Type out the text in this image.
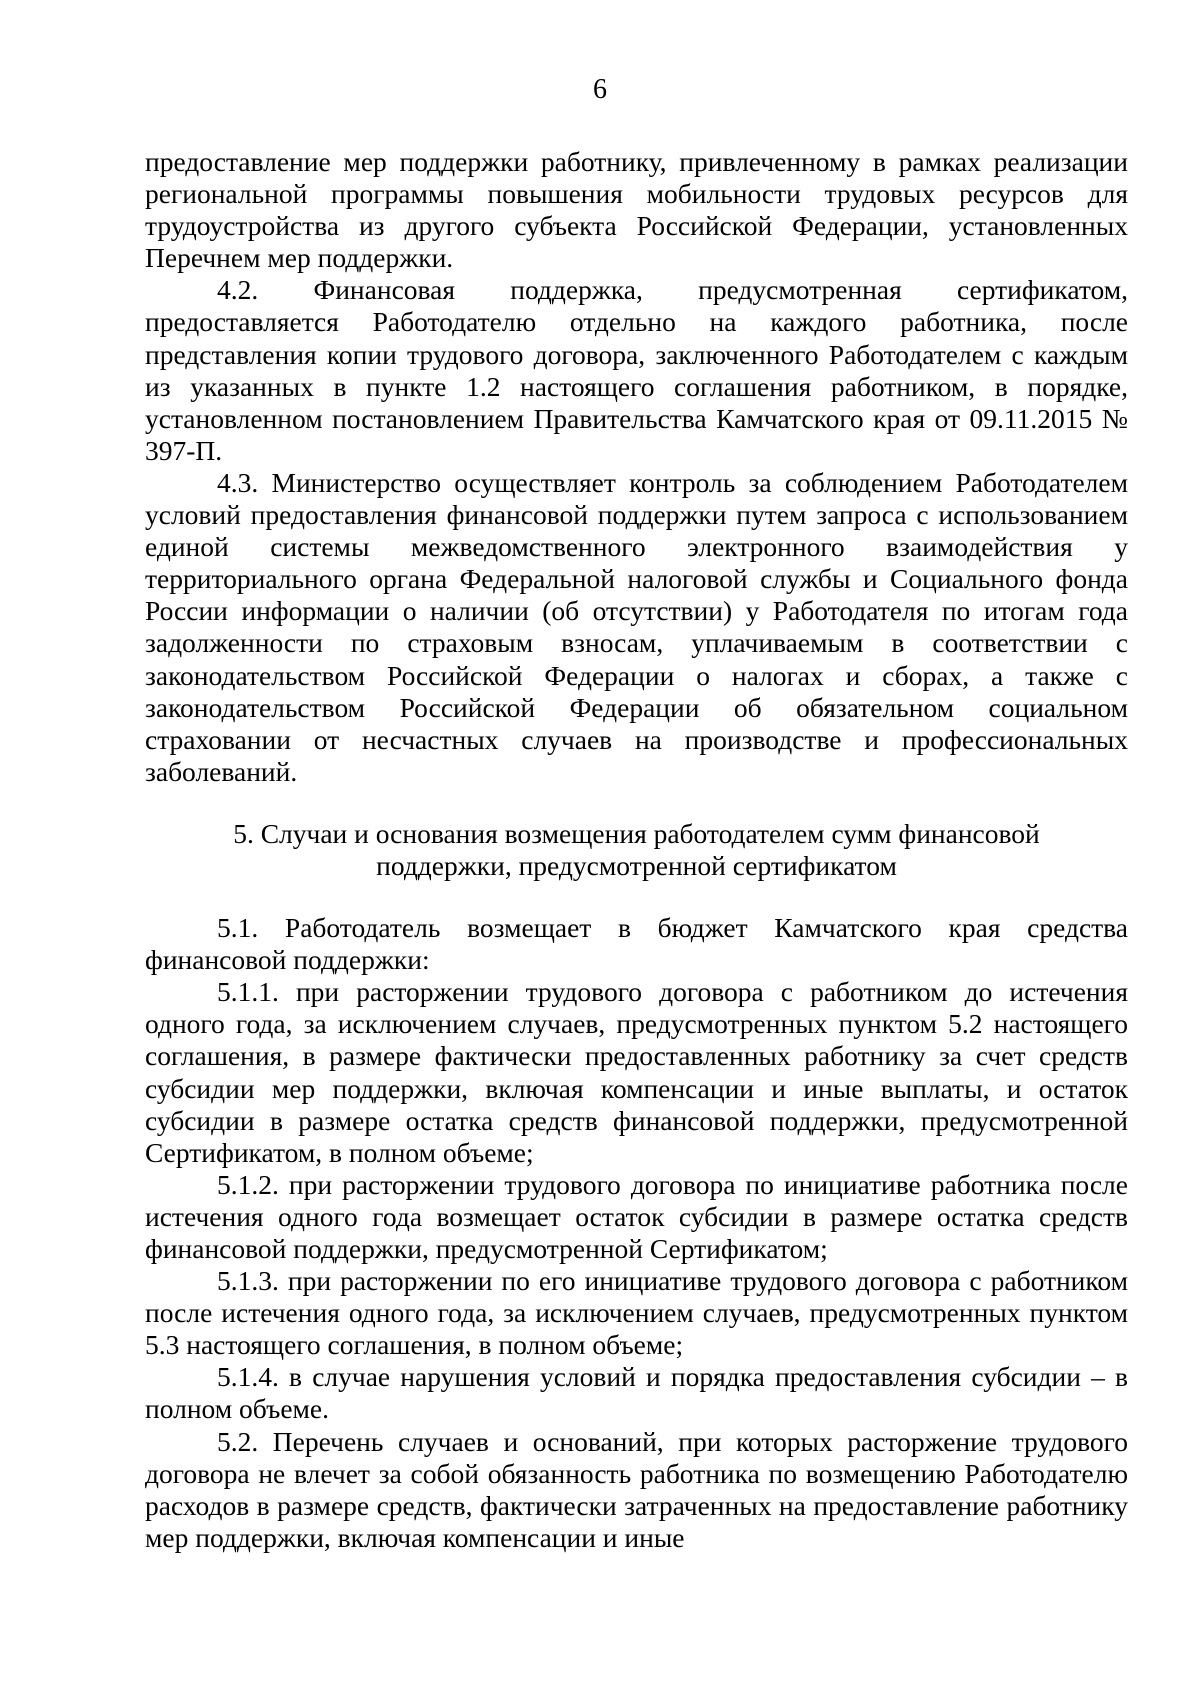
6

предоставление мер поддержки работнику, привлеченному в рамках реализации региональной программы повышения мобильности трудовых ресурсов для трудоустройства из другого субъекта Российской Федерации, установленных Перечнем мер поддержки.

4.2. Финансовая поддержка, предусмотренная сертификатом, предоставляется Работодателю отдельно на каждого работника, после представления копии трудового договора, заключенного Работодателем с каждым из указанных в пункте 1.2 настоящего соглашения работником, в порядке, установленном постановлением Правительства Камчатского края от 09.11.2015 № 397-П.

4.3. Министерство осуществляет контроль за соблюдением Работодателем условий предоставления финансовой поддержки путем запроса с использованием единой системы межведомственного электронного взаимодействия у территориального органа Федеральной налоговой службы и Социального фонда России информации о наличии (об отсутствии) у Работодателя по итогам года задолженности по страховым взносам, уплачиваемым в соответствии с законодательством Российской Федерации о налогах и сборах, а также с законодательством Российской Федерации об обязательном социальном страховании от несчастных случаев на производстве и профессиональных заболеваний.

5. Случаи и основания возмещения работодателем сумм финансовой
поддержки, предусмотренной сертификатом

5.1. Работодатель возмещает в бюджет Камчатского края средства финансовой поддержки:

5.1.1. при расторжении трудового договора с работником до истечения одного года, за исключением случаев, предусмотренных пунктом 5.2 настоящего соглашения, в размере фактически предоставленных работнику за счет средств субсидии мер поддержки, включая компенсации и иные выплаты, и остаток субсидии в размере остатка средств финансовой поддержки, предусмотренной Сертификатом, в полном объеме;

5.1.2. при расторжении трудового договора по инициативе работника после истечения одного года возмещает остаток субсидии в размере остатка средств финансовой поддержки, предусмотренной Сертификатом;

5.1.3. при расторжении по его инициативе трудового договора с работником после истечения одного года, за исключением случаев, предусмотренных пунктом 5.3 настоящего соглашения, в полном объеме;

5.1.4. в случае нарушения условий и порядка предоставления субсидии – в полном объеме.

5.2. Перечень случаев и оснований, при которых расторжение трудового договора не влечет за собой обязанность работника по возмещению Работодателю расходов в размере средств, фактически затраченных на предоставление работнику мер поддержки, включая компенсации и иные
